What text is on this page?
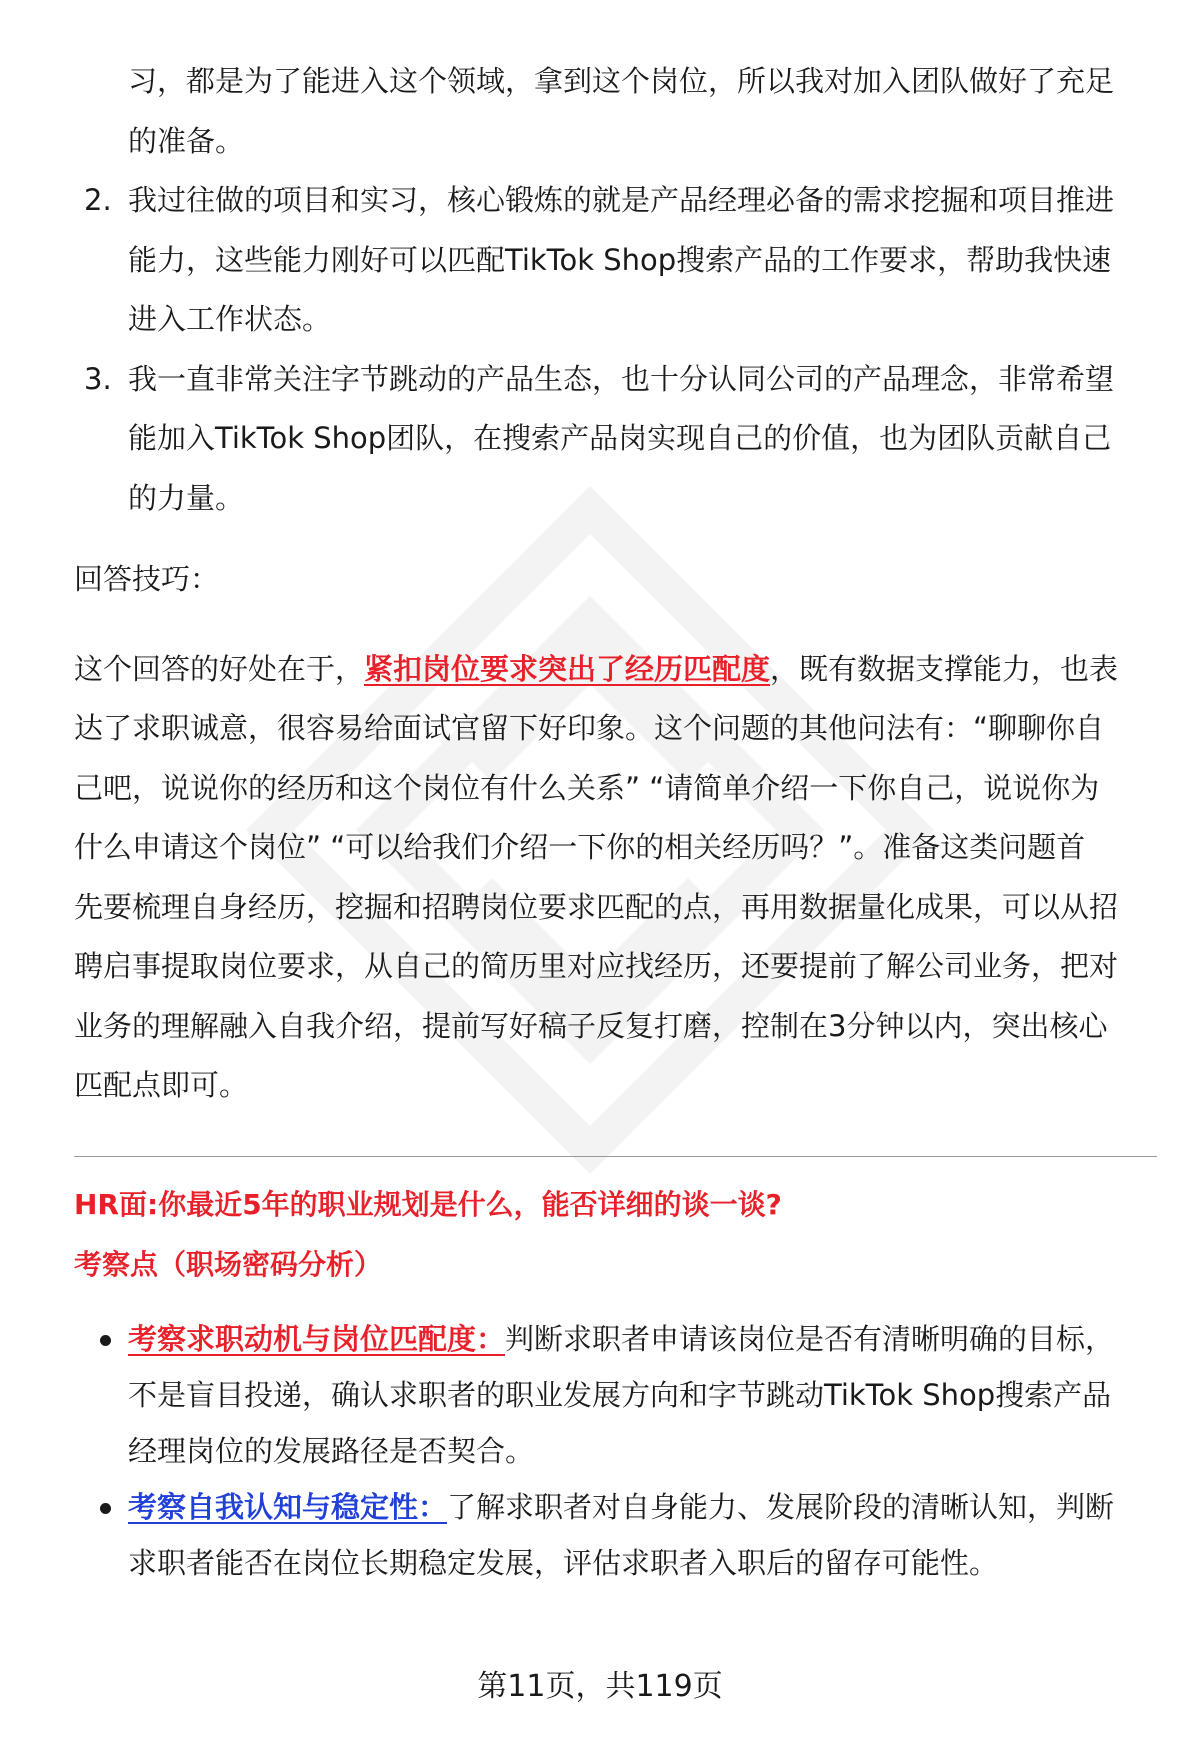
习，都是为了能进入这个领域，拿到这个岗位，所以我对加入团队做好了充足
的准备。
2. 我过往做的项目和实习，核心锻炼的就是产品经理必备的需求挖掘和项目推进
能力，这些能力刚好可以匹配TikTok Shop搜索产品的工作要求，帮助我快速
进入工作状态。
3. 我一直非常关注字节跳动的产品生态，也十分认同公司的产品理念，非常希望
能加入TikTok Shop团队，在搜索产品岗实现自己的价值，也为团队贡献自己
的力量。
回答技巧：
这个回答的好处在于，紧扣岗位要求突出了经历匹配度，既有数据支撑能力，也表
达了求职诚意，很容易给面试官留下好印象。这个问题的其他问法有：“聊聊你自
己吧，说说你的经历和这个岗位有什么关系” “请简单介绍一下你自己，说说你为
什么申请这个岗位” “可以给我们介绍一下你的相关经历吗？”。准备这类问题首
先要梳理自身经历，挖掘和招聘岗位要求匹配的点，再用数据量化成果，可以从招
聘启事提取岗位要求，从自己的简历里对应找经历，还要提前了解公司业务，把对
业务的理解融入自我介绍，提前写好稿子反复打磨，控制在3分钟以内，突出核心
匹配点即可。
HR面:你最近5年的职业规划是什么，能否详细的谈一谈?
考察点（职场密码分析）
考察求职动机与岗位匹配度：判断求职者申请该岗位是否有清晰明确的目标，
不是盲目投递，确认求职者的职业发展方向和字节跳动TikTok Shop搜索产品
经理岗位的发展路径是否契合。
考察自我认知与稳定性：了解求职者对自身能力、发展阶段的清晰认知，判断
求职者能否在岗位长期稳定发展，评估求职者入职后的留存可能性。
第11页，共119页
